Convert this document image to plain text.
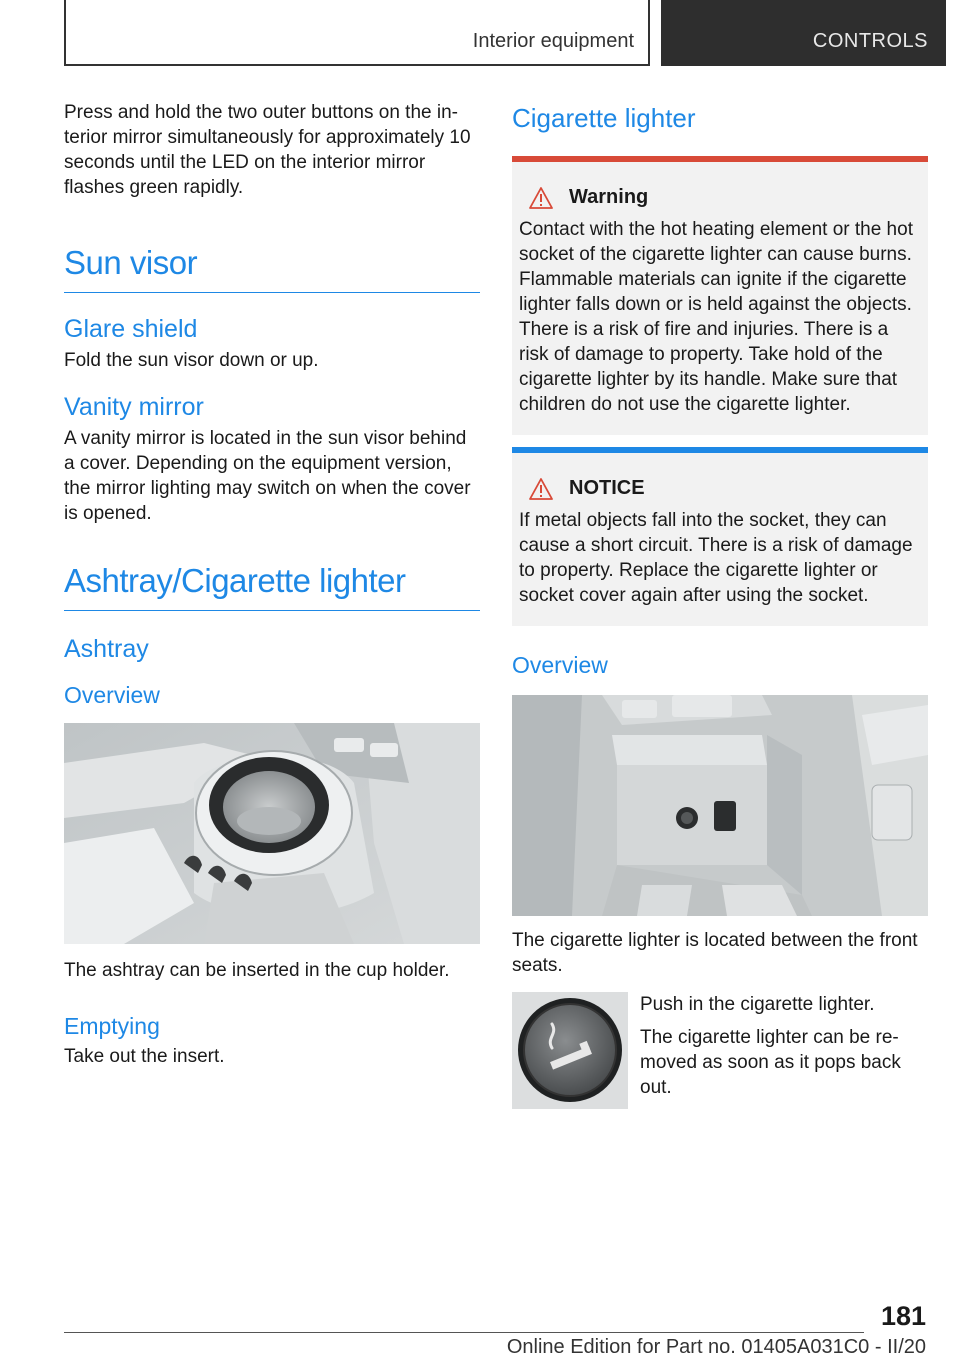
Interior equipment	CONTROLS

Press and hold the two outer buttons on the interior mirror simultaneously for approximately 10 seconds until the LED on the interior mirror flashes green rapidly.

Sun visor
Glare shield

Fold the sun visor down or up.

Vanity mirror

A vanity mirror is located in the sun visor behind a cover. Depending on the equipment version, the mirror lighting may switch on when the cover is opened.

Ashtray/Cigarette lighter
Ashtray
Overview

The ashtray can be inserted in the cup holder.

Emptying

Take out the insert.

Cigarette lighter
Warning

Contact with the hot heating element or the hot socket of the cigarette lighter can cause burns. Flammable materials can ignite if the cigarette lighter falls down or is held against the objects. There is a risk of fire and injuries. There is a risk of damage to property. Take hold of the cigarette lighter by its handle. Make sure that children do not use the cigarette lighter.

NOTICE

If metal objects fall into the socket, they can cause a short circuit. There is a risk of damage to property. Replace the cigarette lighter or socket cover again after using the socket.

Overview

The cigarette lighter is located between the front seats.

Push in the cigarette lighter.

The cigarette lighter can be removed as soon as it pops back out.

181
Online Edition for Part no. 01405A031C0 - II/20
